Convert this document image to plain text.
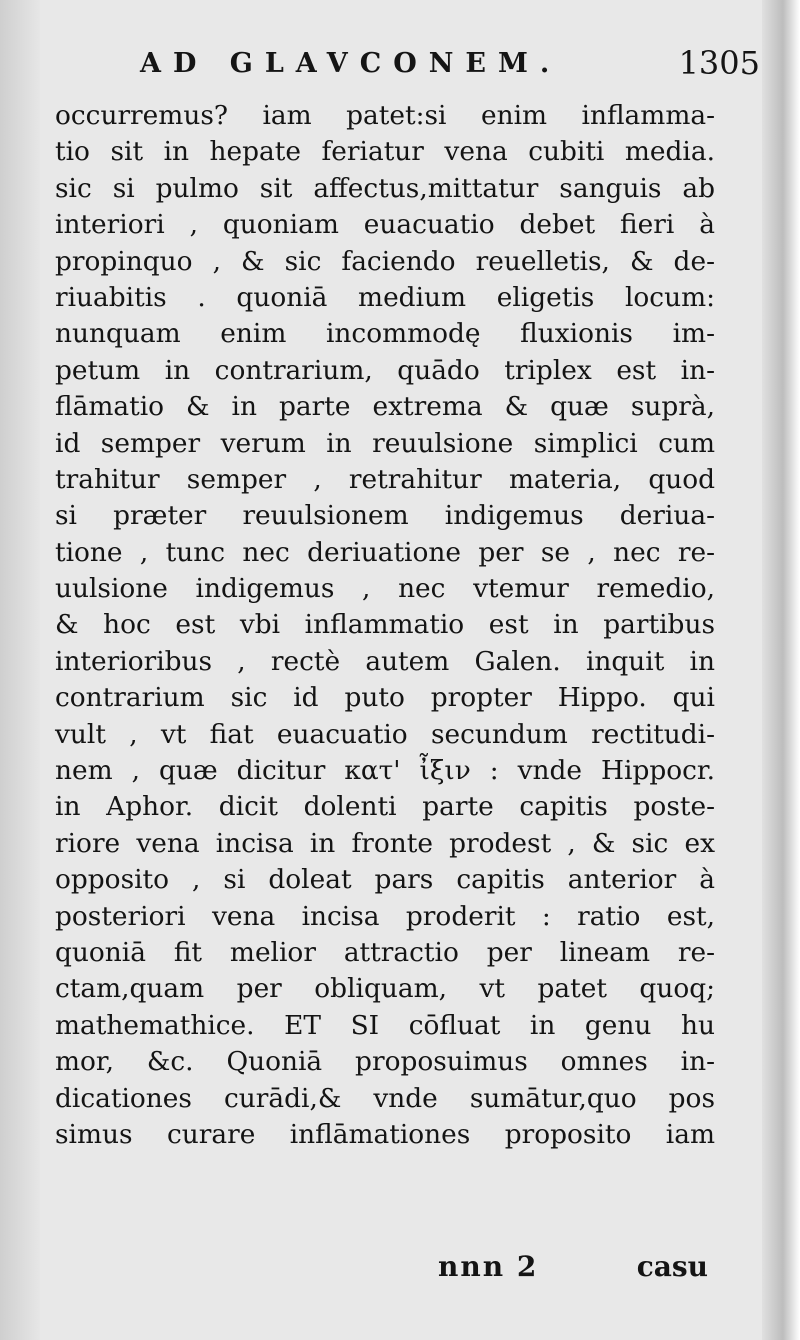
AD GLAVCONEM.	1305
occurremus? iam patet:si enim inflamma-
tio sit in hepate feriatur vena cubiti media.
sic si pulmo sit affectus,mittatur sanguis ab
interiori , quoniam euacuatio debet fieri à
propinquo , & sic faciendo reuelletis, & de-
riuabitis . quoniā medium eligetis locum:
nunquam enim incommodę fluxionis im-
petum in contrarium, quādo triplex est in-
flāmatio & in parte extrema & quæ suprà,
id semper verum in reuulsione simplici cum
trahitur semper , retrahitur materia, quod
si præter reuulsionem indigemus deriua-
tione , tunc nec deriuatione per se , nec re-
uulsione indigemus , nec vtemur remedio,
& hoc est vbi inflammatio est in partibus
interioribus , rectè autem Galen. inquit in
contrarium sic id puto propter Hippo. qui
vult , vt fiat euacuatio secundum rectitudi-
nem , quæ dicitur κατ' ἶξιν : vnde Hippocr.
in Aphor. dicit dolenti parte capitis poste-
riore vena incisa in fronte prodest , & sic ex
opposito , si doleat pars capitis anterior à
posteriori vena incisa proderit : ratio est,
quoniā fit melior attractio per lineam re-
ctam,quam per obliquam, vt patet quoq;
mathemathice. ET SI cōfluat in genu hu
mor, &c. Quoniā proposuimus omnes in-
dicationes curādi,& vnde sumātur,quo pos
simus curare inflāmationes proposito iam
nnn 2	casu
